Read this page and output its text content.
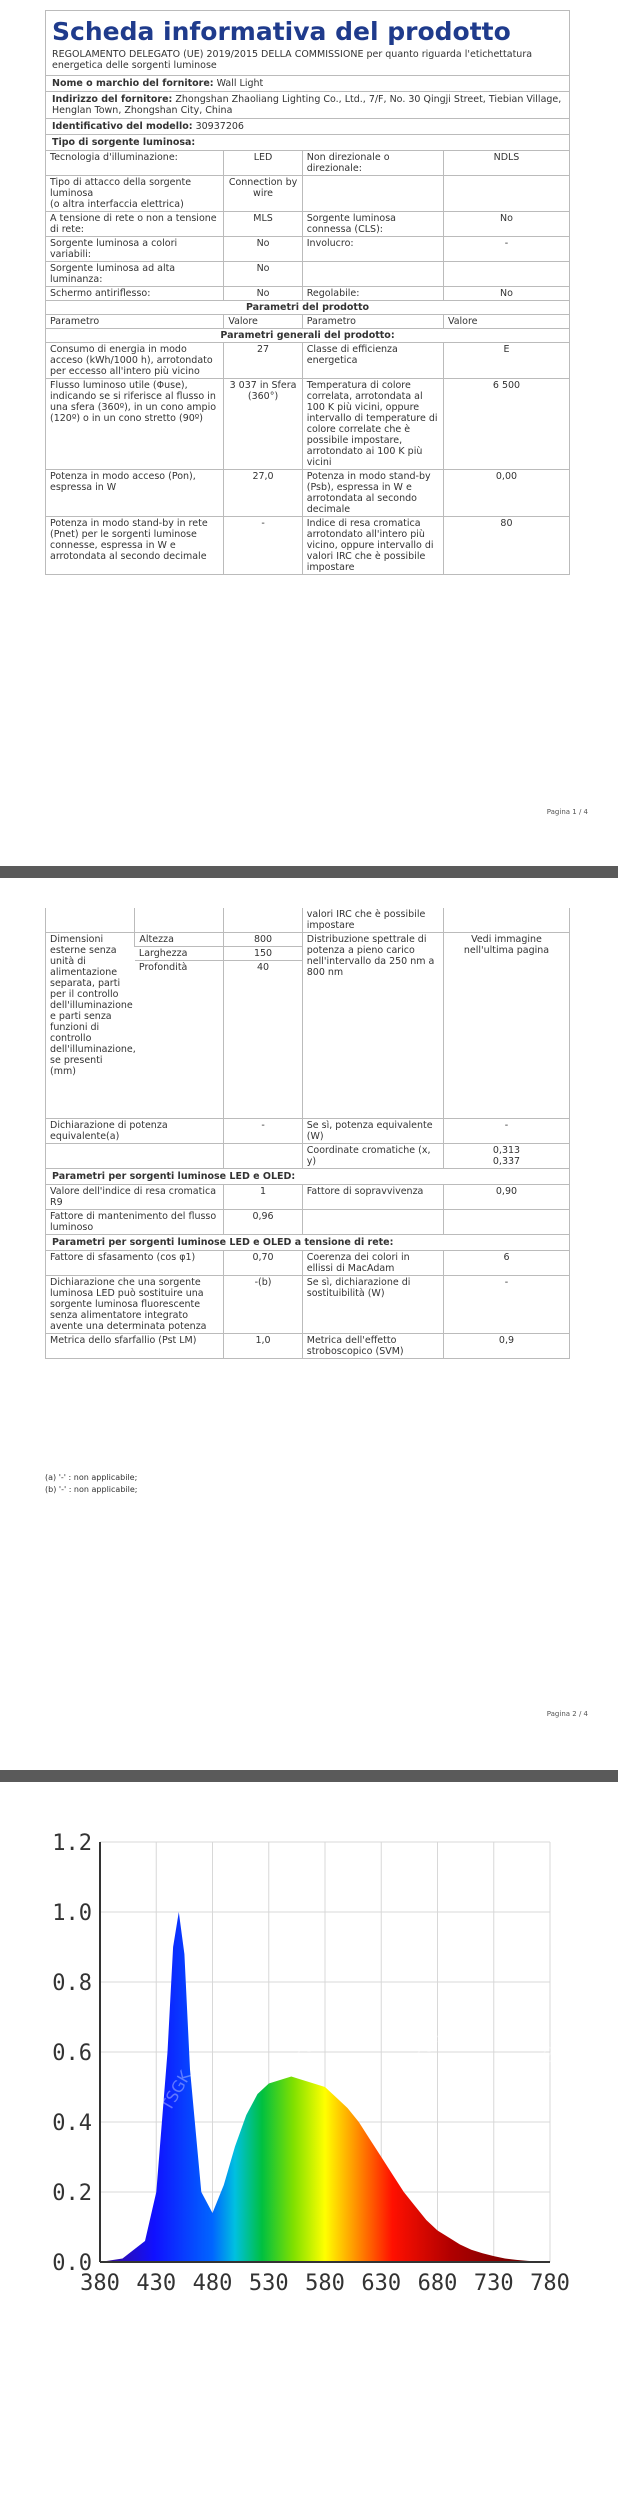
Scheda informativa del prodotto
REGOLAMENTO DELEGATO (UE) 2019/2015 DELLA COMMISSIONE per quanto riguarda l'etichettatura energetica delle sorgenti luminose
Nome o marchio del fornitore: Wall Light
Indirizzo del fornitore: Zhongshan Zhaoliang Lighting Co., Ltd., 7/F, No. 30 Qingji Street, Tiebian Village, Henglan Town, Zhongshan City, China
Identificativo del modello: 30937206
Tipo di sorgente luminosa:
Tecnologia d'illuminazione:	LED	Non direzionale o direzionale:	NDLS
Tipo di attacco della sorgente luminosa
(o altra interfaccia elettrica)	Connection by wire		
A tensione di rete o non a tensione di rete:	MLS	Sorgente luminosa connessa (CLS):	No
Sorgente luminosa a colori variabili:	No	Involucro:	-
Sorgente luminosa ad alta luminanza:	No		
Schermo antiriflesso:	No	Regolabile:	No
Parametri del prodotto
Parametro	Valore	Parametro	Valore
Parametri generali del prodotto:
Consumo di energia in modo acceso (kWh/1000 h), arrotondato per eccesso all'intero più vicino	27	Classe di efficienza energetica	E
Flusso luminoso utile (Φuse), indicando se si riferisce al flusso in una sfera (360º), in un cono ampio (120º) o in un cono stretto (90º)	3 037 in Sfera (360°)	Temperatura di colore correlata, arrotondata al 100 K più vicini, oppure intervallo di temperature di colore correlate che è possibile impostare, arrotondato ai 100 K più vicini	6 500
Potenza in modo acceso (Pon), espressa in W	27,0	Potenza in modo stand-by (Psb), espressa in W e arrotondata al secondo decimale	0,00
Potenza in modo stand-by in rete (Pnet) per le sorgenti luminose connesse, espressa in W e arrotondata al secondo decimale	-	Indice di resa cromatica arrotondato all'intero più vicino, oppure intervallo di valori IRC che è possibile impostare	80
Pagina 1 / 4
			valori IRC che è possibile impostare	
Dimensioni esterne senza unità di alimentazione separata, parti per il controllo dell'illuminazione e parti senza funzioni di controllo dell'illuminazione, se presenti (mm)	Altezza	800	Distribuzione spettrale di potenza a pieno carico nell'intervallo da 250 nm a 800 nm	Vedi immagine nell'ultima pagina
	Larghezza	150		
	Profondità	40		
Dichiarazione di potenza equivalente(a)	-	Se sì, potenza equivalente (W)	-
		Coordinate cromatiche (x, y)	0,313
0,337
Parametri per sorgenti luminose LED e OLED:
Valore dell'indice di resa cromatica R9	1	Fattore di sopravvivenza	0,90
Fattore di mantenimento del flusso luminoso	0,96		
Parametri per sorgenti luminose LED e OLED a tensione di rete:
Fattore di sfasamento (cos φ1)	0,70	Coerenza dei colori in ellissi di MacAdam	6
Dichiarazione che una sorgente luminosa LED può sostituire una sorgente luminosa fluorescente senza alimentatore integrato avente una determinata potenza	-(b)	Se sì, dichiarazione di sostituibilità (W)	-
Metrica dello sfarfallio (Pst LM)	1,0	Metrica dell'effetto stroboscopico (SVM)	0,9
(a) '-' : non applicabile;
(b) '-' : non applicabile;
Pagina 2 / 4
380 430 480 530 580 630 680 730 780
0.0
0.2
0.4
0.6
0.8
1.0
1.2
TSGK
TSGK	TSGK	TSGK
